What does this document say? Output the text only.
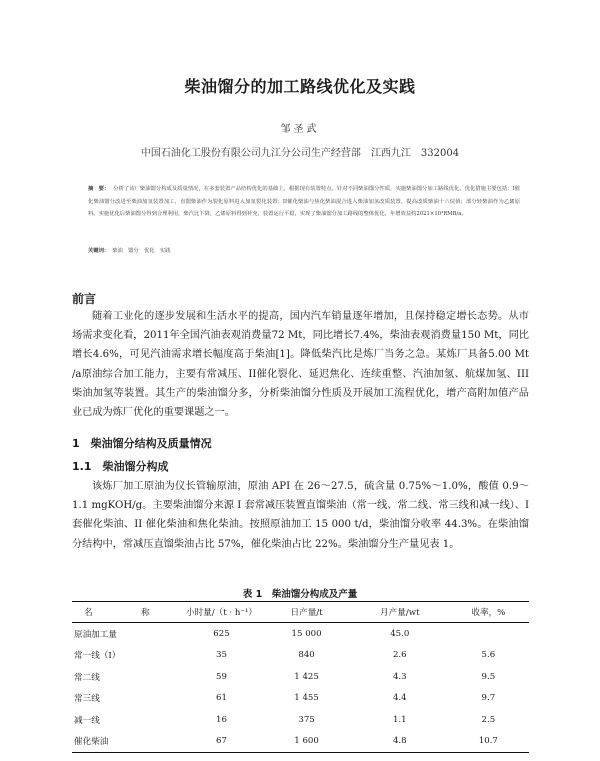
柴油馏分的加工路线优化及实践
邹圣武
中国石油化工股份有限公司九江分公司生产经营部　江西九江　332004
摘　要： 分析了该厂柴油馏分构成及质量情况，在多套装置产品结构优化的基础上，根据现有装置特点，针对不同柴油馏分性质，实施柴油馏分加工路线优化。优化措施主要包括：I催化柴油馏分改进至柴油加氢装置加工，直馏柴油作为裂化原料进入加氢裂化装置；II催化柴油与焦化柴油混合进入柴油加氢改质装置，提高改质柴油十六烷值；部分轻柴油作为乙烯原料。实施优化后柴油馏分得到合理利用，柴汽比下降，乙烯原料得到补充，装置运行平稳，实现了柴油馏分加工路线的整体优化，年增效益约2021×10⁴RMB/a。
关键词： 柴油　馏分　优化　实践
前言
随着工业化的逐步发展和生活水平的提高，国内汽车销量逐年增加，且保持稳定增长态势。从市场需求变化看，2011年全国汽油表观消费量72 Mt，同比增长7.4%，柴油表观消费量150 Mt，同比增长4.6%，可见汽油需求增长幅度高于柴油[1]。降低柴汽比是炼厂当务之急。某炼厂具备5.00 Mt /a原油综合加工能力，主要有常减压、II催化裂化、延迟焦化、连续重整、汽油加氢、航煤加氢、III柴油加氢等装置。其生产的柴油馏分多，分析柴油馏分性质及开展加工流程优化，增产高附加值产品业已成为炼厂优化的重要课题之一。
1　柴油馏分结构及质量情况
1.1　柴油馏分构成
该炼厂加工原油为仪长管输原油，原油 API 在 26～27.5，硫含量 0.75%～1.0%，酸值 0.9～1.1 mgKOH/g。主要柴油馏分来源 I 套常减压装置直馏柴油（常一线、常二线、常三线和减一线）、I 套催化柴油、II 催化柴油和焦化柴油。按照原油加工 15 000 t/d，柴油馏分收率 44.3%。在柴油馏分结构中，常减压直馏柴油占比 57%，催化柴油占比 22%。柴油馏分生产量见表 1。
表 1　柴油馏分构成及产量
名　称	小时量/（t · h⁻¹）	日产量/t	月产量/wt	收率，%
原油加工量	625	15 000	45.0	
常一线（I）	35	840	2.6	5.6
常二线	59	1 425	4.3	9.5
常三线	61	1 455	4.4	9.7
减一线	16	375	1.1	2.5
催化柴油	67	1 600	4.8	10.7
